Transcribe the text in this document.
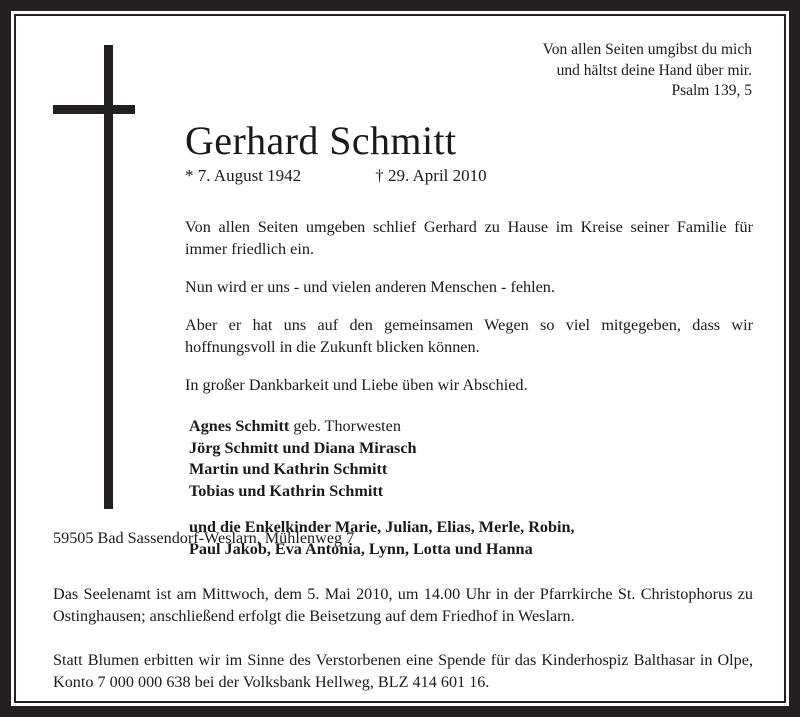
Von allen Seiten umgibst du mich
und hältst deine Hand über mir.
Psalm 139, 5
Gerhard Schmitt
* 7. August 1942	† 29. April 2010

Von allen Seiten umgeben schlief Gerhard zu Hause im Kreise seiner Familie für immer friedlich ein.

Nun wird er uns - und vielen anderen Menschen - fehlen.

Aber er hat uns auf den gemeinsamen Wegen so viel mitgegeben, dass wir hoffnungsvoll in die Zukunft blicken können.

In großer Dankbarkeit und Liebe üben wir Abschied.

Agnes Schmitt geb. Thorwesten
Jörg Schmitt und Diana Mirasch
Martin und Kathrin Schmitt
Tobias und Kathrin Schmitt
und die Enkelkinder Marie, Julian, Elias, Merle, Robin,
Paul Jakob, Eva Antonia, Lynn, Lotta und Hanna

59505 Bad Sassendorf-Weslarn, Mühlenweg 7

Das Seelenamt ist am Mittwoch, dem 5. Mai 2010, um 14.00 Uhr in der Pfarrkirche St. Christophorus zu Ostinghausen; anschließend erfolgt die Beisetzung auf dem Friedhof in Weslarn.

Statt Blumen erbitten wir im Sinne des Verstorbenen eine Spende für das Kinderhospiz Balthasar in Olpe, Konto 7 000 000 638 bei der Volksbank Hellweg, BLZ 414 601 16.
